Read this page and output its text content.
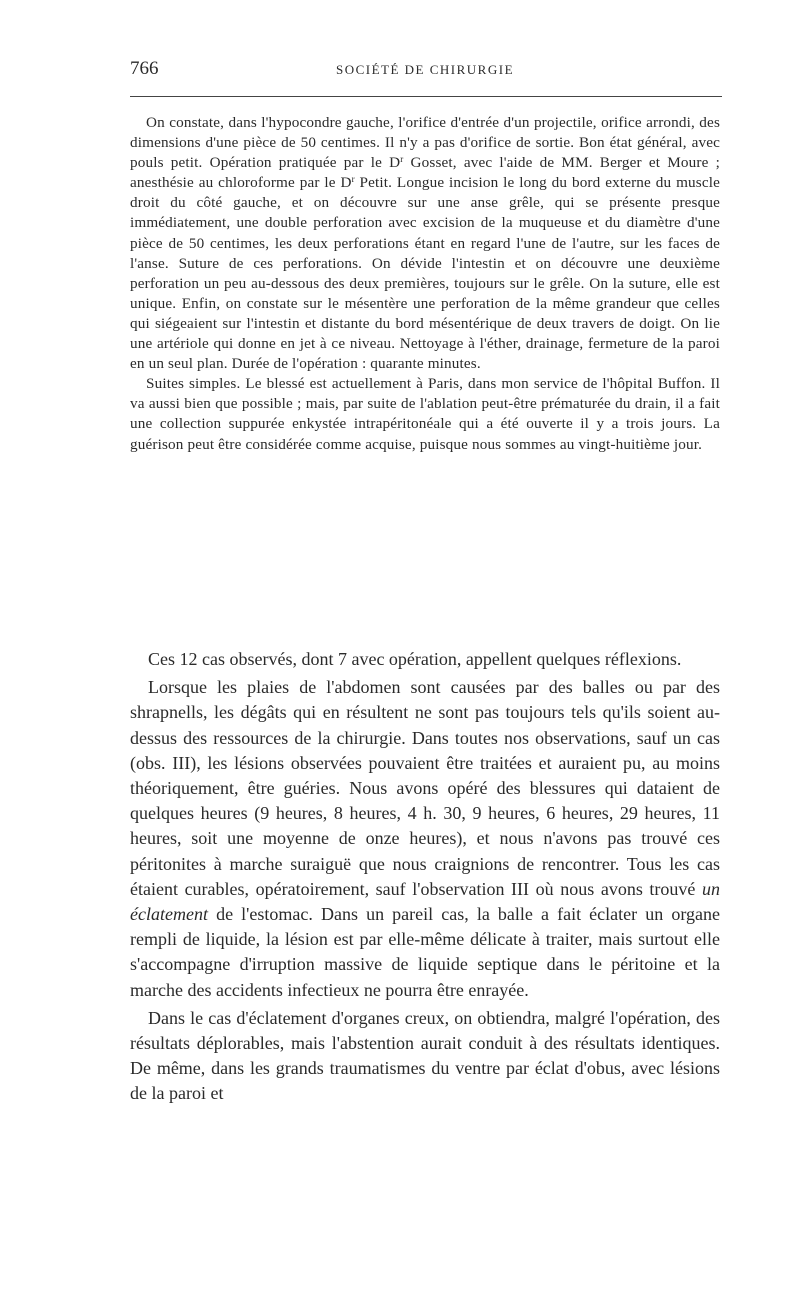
766	SOCIÉTÉ DE CHIRURGIE

On constate, dans l'hypocondre gauche, l'orifice d'entrée d'un projectile, orifice arrondi, des dimensions d'une pièce de 50 centimes. Il n'y a pas d'orifice de sortie. Bon état général, avec pouls petit. Opération pratiquée par le $D^r$ Gosset, avec l'aide de MM. Berger et Moure ; anesthésie au chloroforme par le $D^r$ Petit. Longue incision le long du bord externe du muscle droit du côté gauche, et on découvre sur une anse grêle, qui se présente presque immédiatement, une double perforation avec excision de la muqueuse et du diamètre d'une pièce de 50 centimes, les deux perforations étant en regard l'une de l'autre, sur les faces de l'anse. Suture de ces perforations. On dévide l'intestin et on découvre une deuxième perforation un peu au-dessous des deux premières, toujours sur le grêle. On la suture, elle est unique. Enfin, on constate sur le mésentère une perforation de la même grandeur que celles qui siégeaient sur l'intestin et distante du bord mésentérique de deux travers de doigt. On lie une artériole qui donne en jet à ce niveau. Nettoyage à l'éther, drainage, fermeture de la paroi en un seul plan. Durée de l'opération : quarante minutes.

Suites simples. Le blessé est actuellement à Paris, dans mon service de l'hôpital Buffon. Il va aussi bien que possible ; mais, par suite de l'ablation peut-être prématurée du drain, il a fait une collection suppurée enkystée intrapéritonéale qui a été ouverte il y a trois jours. La guérison peut être considérée comme acquise, puisque nous sommes au vingt-huitième jour.

Ces 12 cas observés, dont 7 avec opération, appellent quelques réflexions.

Lorsque les plaies de l'abdomen sont causées par des balles ou par des shrapnells, les dégâts qui en résultent ne sont pas toujours tels qu'ils soient au-dessus des ressources de la chirurgie. Dans toutes nos observations, sauf un cas (obs. III), les lésions observées pouvaient être traitées et auraient pu, au moins théoriquement, être guéries. Nous avons opéré des blessures qui dataient de quelques heures (9 heures, 8 heures, 4 h. 30, 9 heures, 6 heures, 29 heures, 11 heures, soit une moyenne de onze heures), et nous n'avons pas trouvé ces péritonites à marche suraiguë que nous craignions de rencontrer. Tous les cas étaient curables, opératoirement, sauf l'observation III où nous avons trouvé un éclatement de l'estomac. Dans un pareil cas, la balle a fait éclater un organe rempli de liquide, la lésion est par elle-même délicate à traiter, mais surtout elle s'accompagne d'irruption massive de liquide septique dans le péritoine et la marche des accidents infectieux ne pourra être enrayée.

Dans le cas d'éclatement d'organes creux, on obtiendra, malgré l'opération, des résultats déplorables, mais l'abstention aurait conduit à des résultats identiques. De même, dans les grands traumatismes du ventre par éclat d'obus, avec lésions de la paroi et
